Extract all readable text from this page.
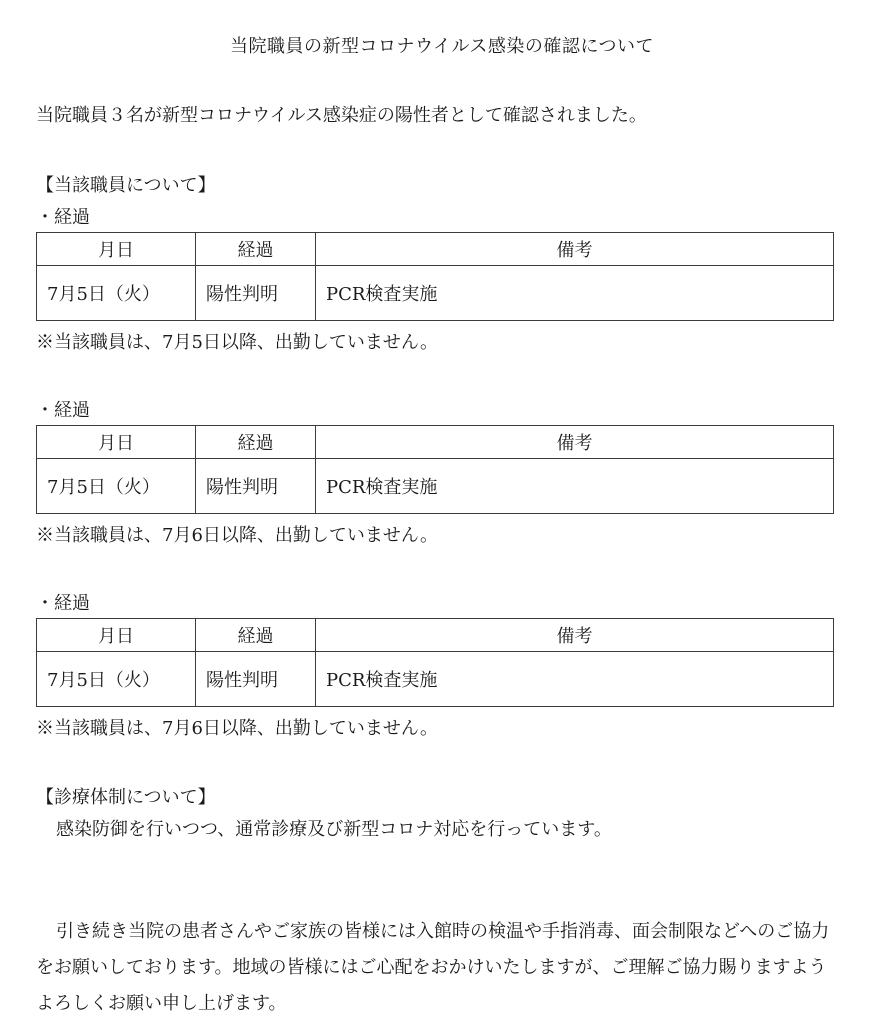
当院職員の新型コロナウイルス感染の確認について
当院職員３名が新型コロナウイルス感染症の陽性者として確認されました。
【当該職員について】
・経過
月日	経過	備考
7月5日（火）	陽性判明	PCR検査実施
※当該職員は、7月5日以降、出勤していません。
・経過
月日	経過	備考
7月5日（火）	陽性判明	PCR検査実施
※当該職員は、7月6日以降、出勤していません。
・経過
月日	経過	備考
7月5日（火）	陽性判明	PCR検査実施
※当該職員は、7月6日以降、出勤していません。
【診療体制について】
感染防御を行いつつ、通常診療及び新型コロナ対応を行っています。
引き続き当院の患者さんやご家族の皆様には入館時の検温や手指消毒、面会制限などへのご協力をお願いしております。地域の皆様にはご心配をおかけいたしますが、ご理解ご協力賜りますようよろしくお願い申し上げます。
